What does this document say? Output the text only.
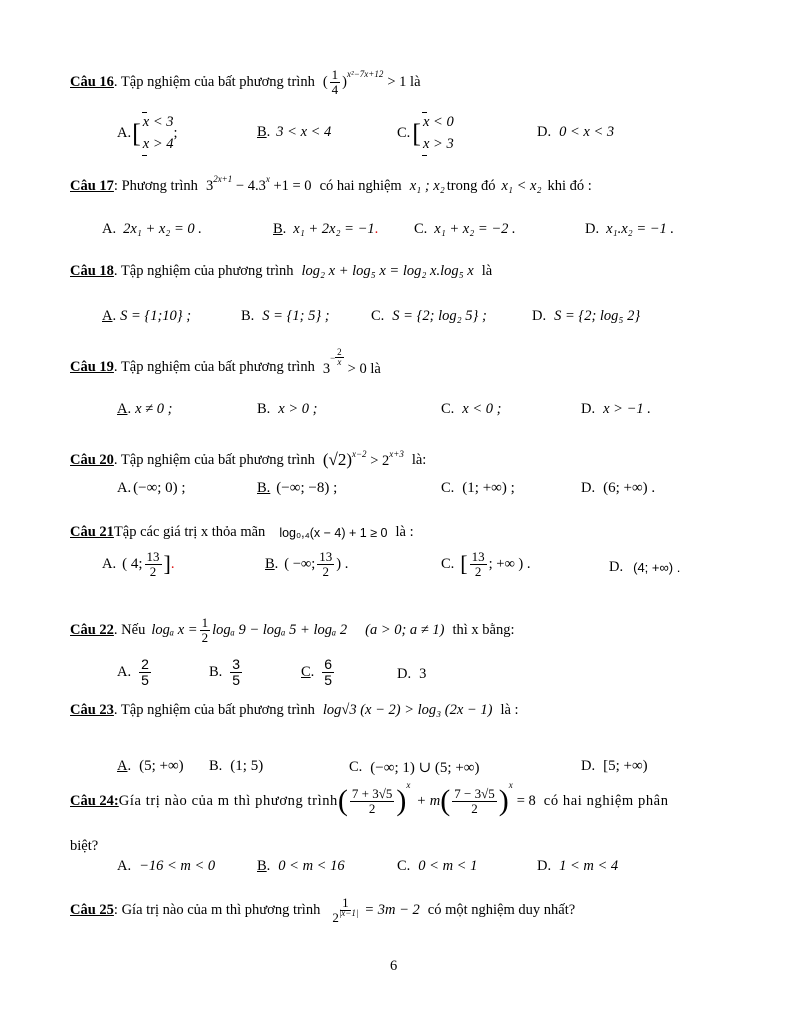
Câu 16 . Tập nghiệm của bất phương trình ( $\frac{1}{4}$ ) x²−7x+12 > 1 là
A. [ x < 3
x > 4
;	B . 3 < x < 4	C. [ x < 0
x > 3
D. 0 < x < 3
Câu 17 : Phương trình $3^{2x+1} - 4.3^x +1 = 0$ có hai nghiệm x₁ ; x₂ trong đó x₁ < x₂ khi đó :
A. 2x₁ + x₂ = 0 .	B . x₁ + 2x₂ = −1 . C. x₁ + x₂ = −2 .	D. x₁.x₂ = −1 .
Câu 18 . Tập nghiệm của phương trình log₂ x + log₅ x = log₂ x.log₅ x là
A . S = {1;10} ;	B. S = {1; 5} ;	C. S = {2; log₂ 5} ;	D. S = {2; log₅ 2}
Câu 19 . Tập nghiệm của bất phương trình 3
− $\frac{2}{x}$
> 0 là
A . x ≠ 0 ;	B. x > 0 ;	C. x < 0 ;	D. x > −1 .
Câu 20 . Tập nghiệm của bất phương trình $(√2)^{x-2} > 2^{x+3}$ là:
A. (−∞; 0) ;	B. (−∞; −8) ;	C. (1; +∞) ;	D. (6; +∞) .
Câu 21 Tập các giá trị x thỏa mãn log₀,₄(x − 4) + 1 ≥ 0 là :
A. ( 4; $\frac{13}{2}$ ] .	B . ( −∞; $\frac{13}{2}$ ) .	C. [ $\frac{13}{2}$ ; +∞ ) .	D. (4; +∞) .
Câu 22 . Nếu logₐ $x = \frac{1}{2}$ logₐ 9 − logₐ 5 + logₐ 2 (a > 0; a ≠ 1) thì x bằng:
A. $\frac{2}{5}$	B. $\frac{3}{5}$	C . $\frac{6}{5}$	D. 3
Câu 23 . Tập nghiệm của bất phương trình log√3 (x − 2) > log₃ (2x − 1) là :
A . (5; +∞) B. (1; 5)	C. (−∞; 1) ∪ (5; +∞)	D. [5; +∞)
Câu 24: Gía trị nào của m thì phương trình ( $\frac{7 + 3√5}{2}$ ) x
+ m ( $\frac{7 - 3√5}{2}$ ) x
= 8 có hai nghiệm phân
biệt?
A. −16 < m < 0	B . 0 < m < 16	C. 0 < m < 1	D. 1 < m < 4
Câu 25 : Gía trị nào của m thì phương trình $\frac{1}{2^{|x-1|}} = 3m - 2$ có một nghiệm duy nhất?
6
